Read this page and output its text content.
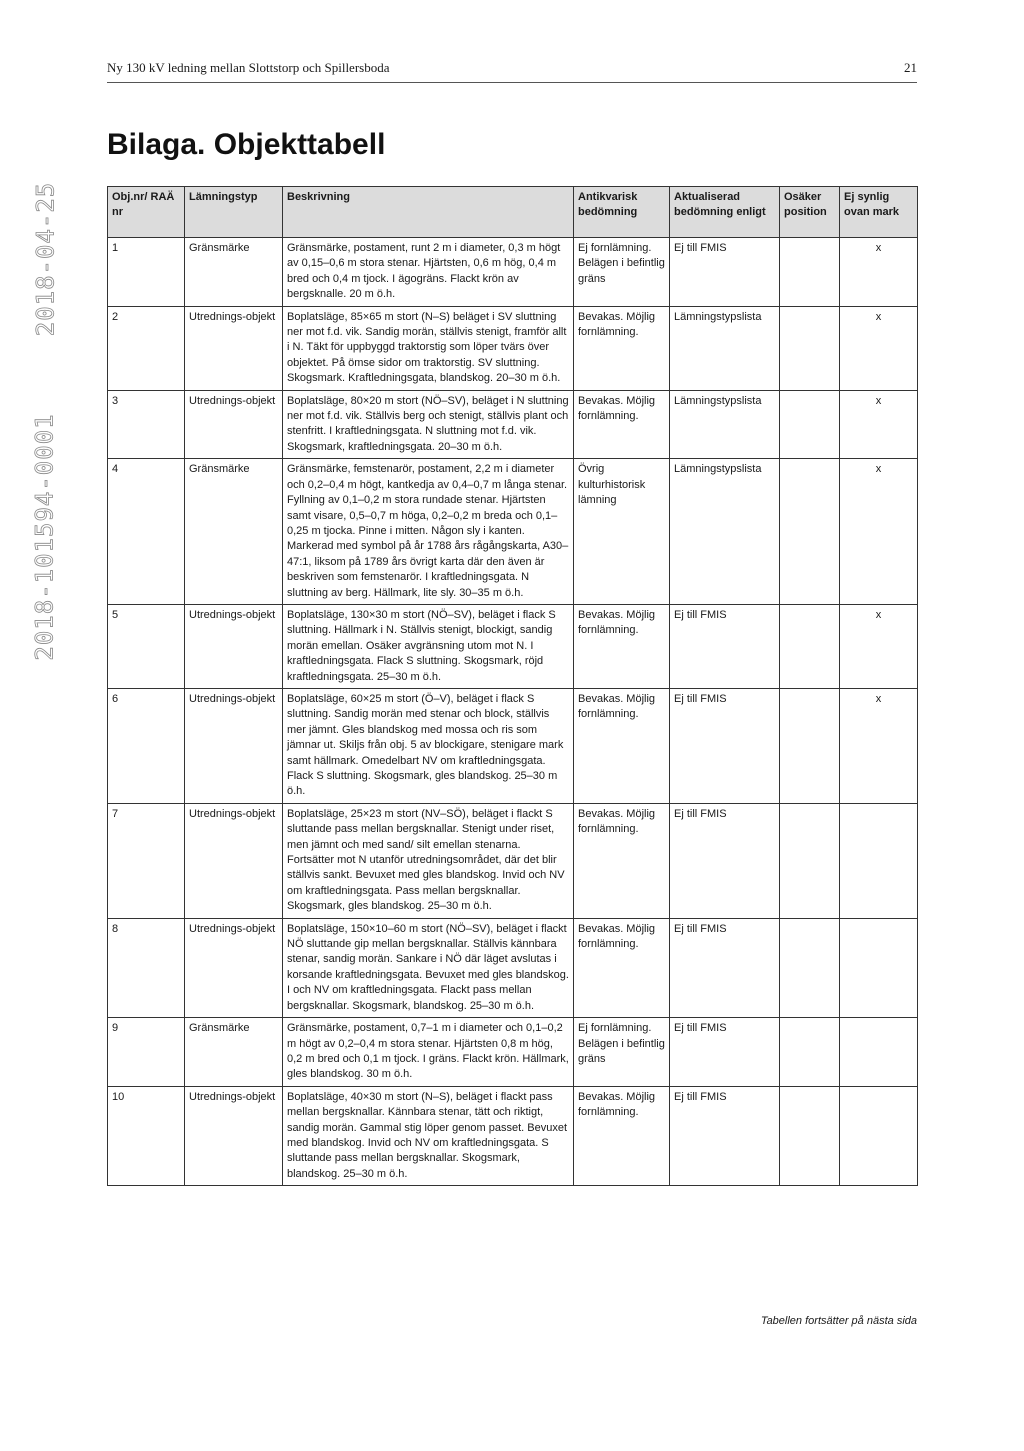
Ny 130 kV ledning mellan Slottstorp och Spillersboda	21
2018-04-25
2018-101594-0001
Bilaga. Objekttabell
Obj.nr/ RAÄ nr	Lämningstyp	Beskrivning	Antikvarisk bedömning	Aktualiserad bedömning enligt	Osäker position	Ej synlig ovan mark
1	Gränsmärke	Gränsmärke, postament, runt 2 m i diameter, 0,3 m högt av 0,15–0,6 m stora stenar. Hjärtsten, 0,6 m hög, 0,4 m bred och 0,4 m tjock. I ägogräns. Flackt krön av bergsknalle. 20 m ö.h.	Ej fornlämning. Belägen i befintlig gräns	Ej till FMIS		x
2	Utrednings-objekt	Boplatsläge, 85×65 m stort (N–S) beläget i SV sluttning ner mot f.d. vik. Sandig morän, ställvis stenigt, framför allt i N. Täkt för uppbyggd traktorstig som löper tvärs över objektet. På ömse sidor om traktorstig. SV sluttning. Skogsmark. Kraftledningsgata, blandskog. 20–30 m ö.h.	Bevakas. Möjlig fornlämning.	Lämningstypslista		x
3	Utrednings-objekt	Boplatsläge, 80×20 m stort (NÖ–SV), beläget i N sluttning ner mot f.d. vik. Ställvis berg och stenigt, ställvis plant och stenfritt. I kraftledningsgata. N sluttning mot f.d. vik. Skogsmark, kraftledningsgata. 20–30 m ö.h.	Bevakas. Möjlig fornlämning.	Lämningstypslista		x
4	Gränsmärke	Gränsmärke, femstenarör, postament, 2,2 m i diameter och 0,2–0,4 m högt, kantkedja av 0,4–0,7 m långa stenar. Fyllning av 0,1–0,2 m stora rundade stenar. Hjärtsten samt visare, 0,5–0,7 m höga, 0,2–0,2 m breda och 0,1–0,25 m tjocka. Pinne i mitten. Någon sly i kanten. Markerad med symbol på år 1788 års rågångskarta, A30–47:1, liksom på 1789 års övrigt karta där den även är beskriven som femstenarör. I kraftledningsgata. N sluttning av berg. Hällmark, lite sly. 30–35 m ö.h.	Övrig kulturhistorisk lämning	Lämningstypslista		x
5	Utrednings-objekt	Boplatsläge, 130×30 m stort (NÖ–SV), beläget i flack S sluttning. Hällmark i N. Ställvis stenigt, blockigt, sandig morän emellan. Osäker avgränsning utom mot N. I kraftledningsgata. Flack S sluttning. Skogsmark, röjd kraftledningsgata. 25–30 m ö.h.	Bevakas. Möjlig fornlämning.	Ej till FMIS		x
6	Utrednings-objekt	Boplatsläge, 60×25 m stort (Ö–V), beläget i flack S sluttning. Sandig morän med stenar och block, ställvis mer jämnt. Gles blandskog med mossa och ris som jämnar ut. Skiljs från obj. 5 av blockigare, stenigare mark samt hällmark. Omedelbart NV om kraftledningsgata. Flack S sluttning. Skogsmark, gles blandskog. 25–30 m ö.h.	Bevakas. Möjlig fornlämning.	Ej till FMIS		x
7	Utrednings-objekt	Boplatsläge, 25×23 m stort (NV–SÖ), beläget i flackt S sluttande pass mellan bergsknallar. Stenigt under riset, men jämnt och med sand/ silt emellan stenarna. Fortsätter mot N utanför utredningsområdet, där det blir ställvis sankt. Bevuxet med gles blandskog. Invid och NV om kraftledningsgata. Pass mellan bergsknallar. Skogsmark, gles blandskog. 25–30 m ö.h.	Bevakas. Möjlig fornlämning.	Ej till FMIS		
8	Utrednings-objekt	Boplatsläge, 150×10–60 m stort (NÖ–SV), beläget i flackt NÖ sluttande gip mellan bergsknallar. Ställvis kännbara stenar, sandig morän. Sankare i NÖ där läget avslutas i korsande kraftledningsgata. Bevuxet med gles blandskog. I och NV om kraftledningsgata. Flackt pass mellan bergsknallar. Skogsmark, blandskog. 25–30 m ö.h.	Bevakas. Möjlig fornlämning.	Ej till FMIS		
9	Gränsmärke	Gränsmärke, postament, 0,7–1 m i diameter och 0,1–0,2 m högt av 0,2–0,4 m stora stenar. Hjärtsten 0,8 m hög, 0,2 m bred och 0,1 m tjock. I gräns. Flackt krön. Hällmark, gles blandskog. 30 m ö.h.	Ej fornlämning. Belägen i befintlig gräns	Ej till FMIS		
10	Utrednings-objekt	Boplatsläge, 40×30 m stort (N–S), beläget i flackt pass mellan bergsknallar. Kännbara stenar, tätt och riktigt, sandig morän. Gammal stig löper genom passet. Bevuxet med blandskog. Invid och NV om kraftledningsgata. S sluttande pass mellan bergsknallar. Skogsmark, blandskog. 25–30 m ö.h.	Bevakas. Möjlig fornlämning.	Ej till FMIS		
Tabellen fortsätter på nästa sida
